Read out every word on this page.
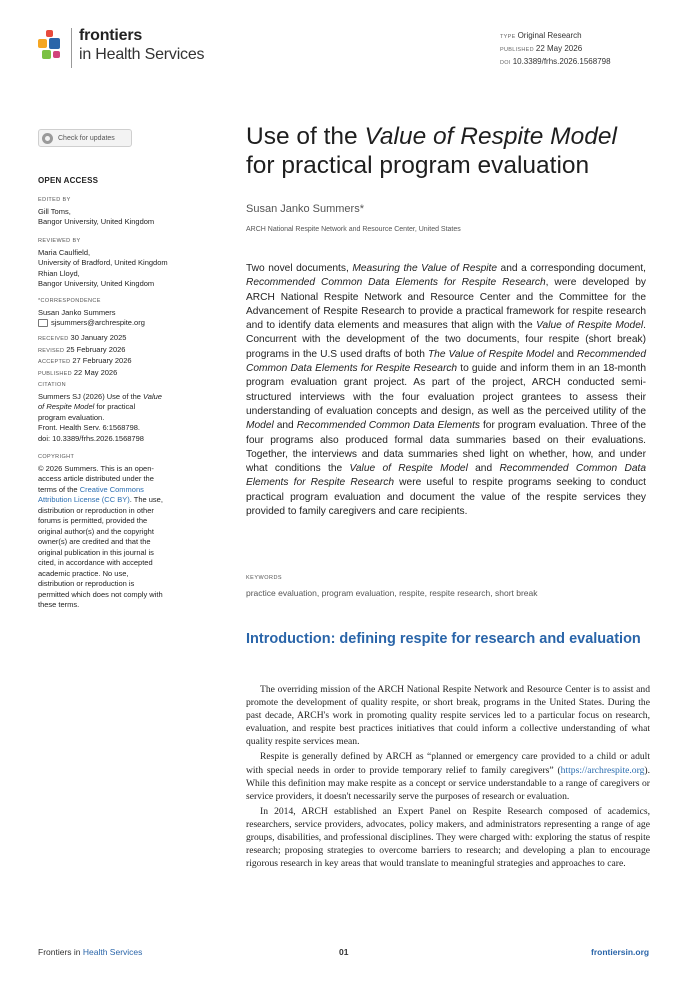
frontiers
in Health Services
TYPE Original Research
PUBLISHED 22 May 2026
DOI 10.3389/frhs.2026.1568798
Check for updates
OPEN ACCESS
EDITED BY
Gill Toms,
Bangor University, United Kingdom
REVIEWED BY
Maria Caulfield,
University of Bradford, United Kingdom
Rhian Lloyd,
Bangor University, United Kingdom
*CORRESPONDENCE
Susan Janko Summers
sjsummers@archrespite.org
RECEIVED 30 January 2025
REVISED 25 February 2026
ACCEPTED 27 February 2026
PUBLISHED 22 May 2026
CITATION
Summers SJ (2026) Use of the Value of Respite Model for practical program evaluation.
Front. Health Serv. 6:1568798.
doi: 10.3389/frhs.2026.1568798
COPYRIGHT
© 2026 Summers. This is an open-access article distributed under the terms of the Creative Commons Attribution License (CC BY). The use, distribution or reproduction in other forums is permitted, provided the original author(s) and the copyright owner(s) are credited and that the original publication in this journal is cited, in accordance with accepted academic practice. No use, distribution or reproduction is permitted which does not comply with these terms.
Use of the Value of Respite Model
for practical program evaluation
Susan Janko Summers*
ARCH National Respite Network and Resource Center, United States
Two novel documents, Measuring the Value of Respite and a corresponding document, Recommended Common Data Elements for Respite Research, were developed by ARCH National Respite Network and Resource Center and the Committee for the Advancement of Respite Research to provide a practical framework for respite research and to identify data elements and measures that align with the Value of Respite Model. Concurrent with the development of the two documents, four respite (short break) programs in the U.S used drafts of both The Value of Respite Model and Recommended Common Data Elements for Respite Research to guide and inform them in an 18-month program evaluation grant project. As part of the project, ARCH conducted semi-structured interviews with the four evaluation project grantees to assess their understanding of evaluation concepts and design, as well as the perceived utility of the Model and Recommended Common Data Elements for program evaluation. Three of the four programs also produced formal data summaries based on their evaluations. Together, the interviews and data summaries shed light on whether, how, and under what conditions the Value of Respite Model and Recommended Common Data Elements for Respite Research were useful to respite programs seeking to conduct practical program evaluation and document the value of the respite services they provided to family caregivers and care recipients.
KEYWORDS
practice evaluation, program evaluation, respite, respite research, short break
Introduction: defining respite for research and evaluation

The overriding mission of the ARCH National Respite Network and Resource Center is to assist and promote the development of quality respite, or short break, programs in the United States. During the past decade, ARCH's work in promoting quality respite services led to a particular focus on research, evaluation, and respite best practices initiatives that could inform a collective understanding of what quality respite services mean.

Respite is generally defined by ARCH as “planned or emergency care provided to a child or adult with special needs in order to provide temporary relief to family caregivers” (https://archrespite.org). While this definition may make respite as a concept or service understandable to a range of caregivers or service providers, it doesn't necessarily serve the purposes of research or evaluation.

In 2014, ARCH established an Expert Panel on Respite Research composed of academics, researchers, service providers, advocates, policy makers, and administrators representing a range of age groups, disabilities, and professional disciplines. They were charged with: exploring the status of respite research; proposing strategies to overcome barriers to research; and developing a plan to encourage rigorous research in key areas that would translate to meaningful strategies and approaches to care.

Frontiers in Health Services	01	frontiersin.org
